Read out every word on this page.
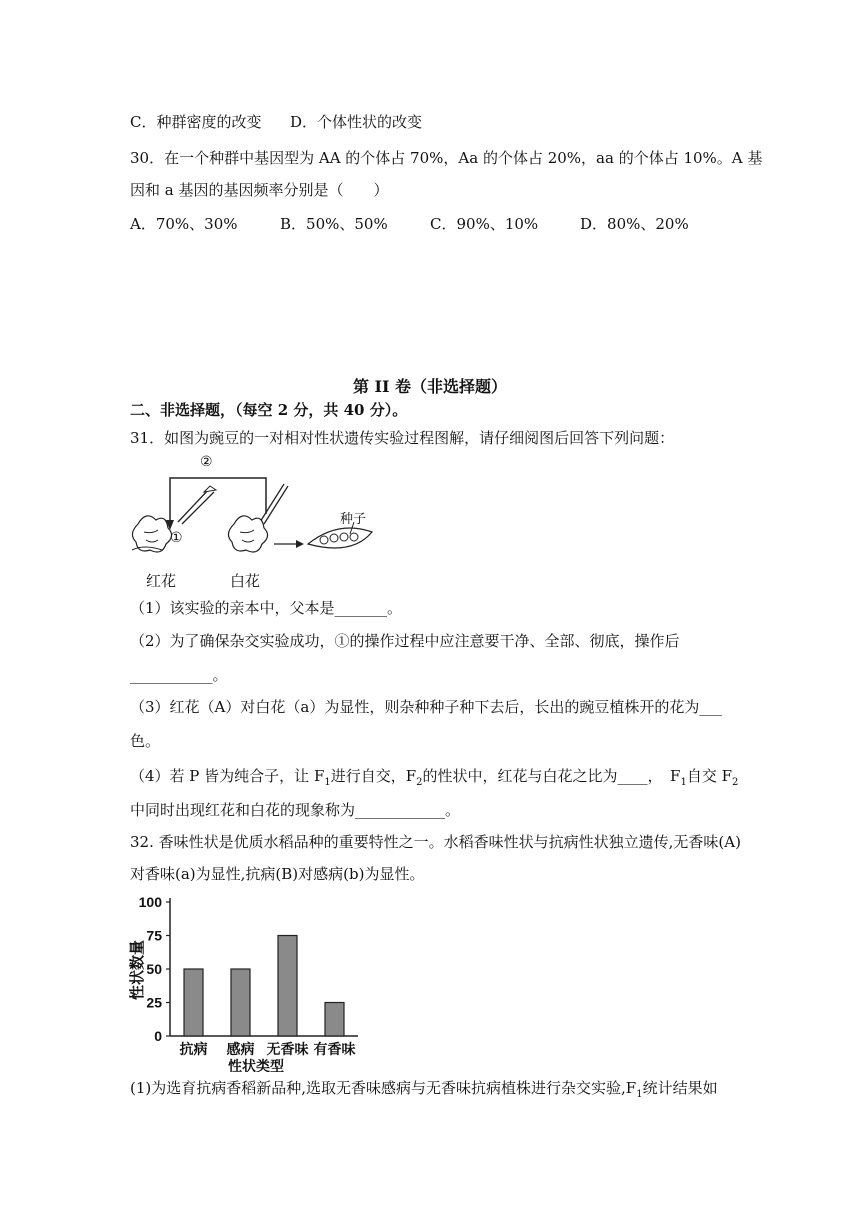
C．种群密度的改变 D．个体性状的改变
30．在一个种群中基因型为 AA 的个体占 70%，Aa 的个体占 20%，aa 的个体占 10%。A 基
因和 a 基因的基因频率分别是（　　）
A．70%、30%	B．50%、50%	C．90%、10%	D．80%、20%
第 II 卷（非选择题）
二、非选择题，（每空 2 分，共 40 分）。
31．如图为豌豆的一对相对性状遗传实验过程图解，请仔细阅图后回答下列问题：
②
①
种子
红花	白花
（1）该实验的亲本中，父本是_______。
（2）为了确保杂交实验成功，①的操作过程中应注意要干净、全部、彻底，操作后
___________。
（3）红花（A）对白花（a）为显性，则杂种种子种下去后，长出的豌豆植株开的花为___
色。
（4）若 P 皆为纯合子，让 $F_1$进行自交，$F_2$的性状中，红花与白花之比为____，　$F_1$自交 $F_2$
中同时出现红花和白花的现象称为____________。
32. 香味性状是优质水稻品种的重要特性之一。水稻香味性状与抗病性状独立遗传,无香味(A)
对香味(a)为显性,抗病(B)对感病(b)为显性。
100
75
50
25
0
性状数量
抗病 感病 无香味 有香味
性状类型
(1)为选育抗病香稻新品种,选取无香味感病与无香味抗病植株进行杂交实验$,F_1$统计结果如
